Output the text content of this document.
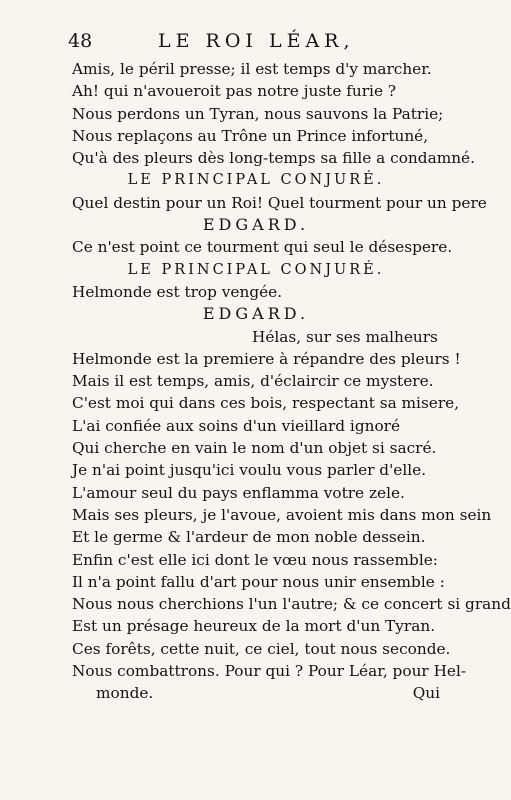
48	LE ROI LÉAR,
Amis, le péril presse; il est temps d'y marcher.
Ah! qui n'avoueroit pas notre juste furie ?
Nous perdons un Tyran, nous sauvons la Patrie;
Nous replaçons au Trône un Prince infortuné,
Qu'à des pleurs dès long-temps sa fille a condamné.
LE PRINCIPAL CONJURÉ.
Quel destin pour un Roi! Quel tourment pour un pere
EDGARD.
Ce n'est point ce tourment qui seul le désespere.
LE PRINCIPAL CONJURÉ.
Helmonde est trop vengée.
EDGARD.
Hélas, sur ses malheurs
Helmonde est la premiere à répandre des pleurs !
Mais il est temps, amis, d'éclaircir ce mystere.
C'est moi qui dans ces bois, respectant sa misere,
L'ai confiée aux soins d'un vieillard ignoré
Qui cherche en vain le nom d'un objet si sacré.
Je n'ai point jusqu'ici voulu vous parler d'elle.
L'amour seul du pays enflamma votre zele.
Mais ses pleurs, je l'avoue, avoient mis dans mon sein
Et le germe & l'ardeur de mon noble dessein.
Enfin c'est elle ici dont le vœu nous rassemble:
Il n'a point fallu d'art pour nous unir ensemble :
Nous nous cherchions l'un l'autre; & ce concert si grand
Est un présage heureux de la mort d'un Tyran.
Ces forêts, cette nuit, ce ciel, tout nous seconde.
Nous combattrons. Pour qui ? Pour Léar, pour Hel-
monde.	Qui
